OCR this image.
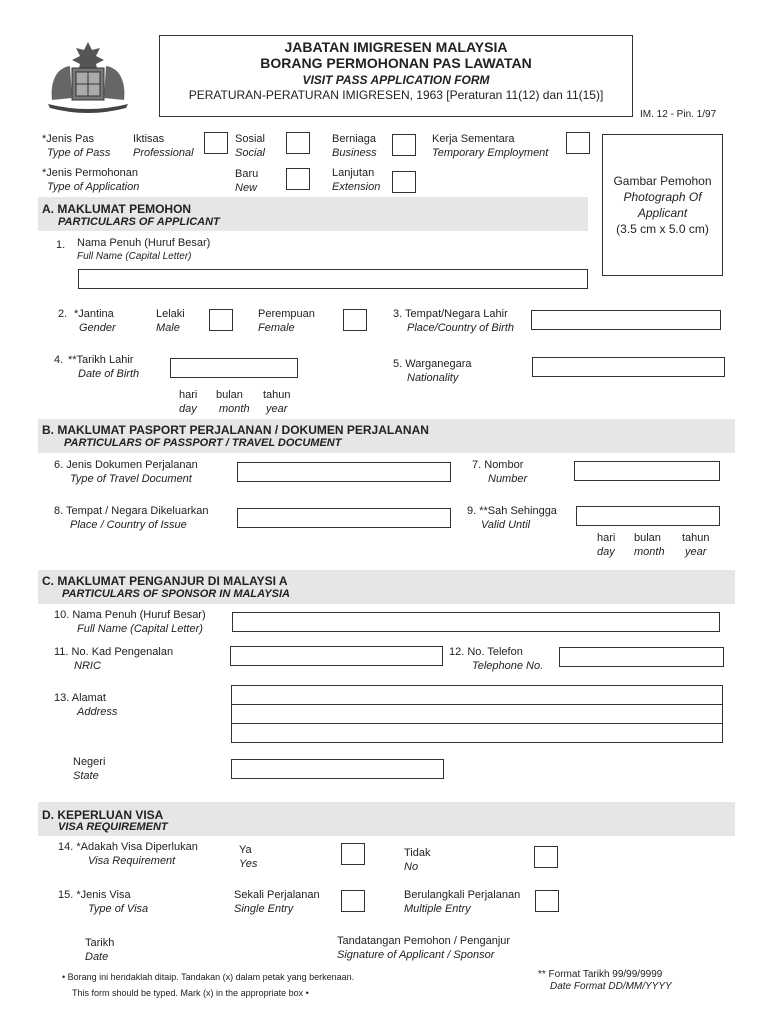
JABATAN IMIGRESEN MALAYSIA
BORANG PERMOHONAN PAS LAWATAN
VISIT PASS APPLICATION FORM
PERATURAN-PERATURAN IMIGRESEN, 1963 [Peraturan 11(12) dan 11(15)]
IM. 12 - Pin. 1/97
*Jenis Pas
Type of Pass
Iktisas
Professional
Sosial
Social
Berniaga
Business
Kerja Sementara
Temporary Employment
*Jenis Permohonan
Type of Application
Baru
New
Lanjutan
Extension	Gambar Pemohon
Photograph Of
Applicant
(3.5 cm x 5.0 cm)
A. MAKLUMAT PEMOHON
PARTICULARS OF APPLICANT
1. Nama Penuh (Huruf Besar)
Full Name (Capital Letter)
2. *Jantina
Gender
Lelaki
Male
Perempuan
Female
3. Tempat/Negara Lahir
Place/Country of Birth
4. **Tarikh Lahir
Date of Birth
hari
day
bulan
month
tahun
year
5. Warganegara
Nationality
B. MAKLUMAT PASPORT PERJALANAN / DOKUMEN PERJALANAN
PARTICULARS OF PASSPORT / TRAVEL DOCUMENT
6. Jenis Dokumen Perjalanan
Type of Travel Document
7. Nombor
Number
8. Tempat / Negara Dikeluarkan
Place / Country of Issue
9. **Sah Sehingga
Valid Until
hari
day
bulan
month
tahun
year
C. MAKLUMAT PENGANJUR DI MALAYSI A
PARTICULARS OF SPONSOR IN MALAYSIA
10. Nama Penuh (Huruf Besar)
Full Name (Capital Letter)
11. No. Kad Pengenalan
NRIC
12. No. Telefon
Telephone No.
13. Alamat
Address
Negeri
State
D. KEPERLUAN VISA
VISA REQUIREMENT
14. *Adakah Visa Diperlukan
Visa Requirement
Ya
Yes
Tidak
No
15. *Jenis Visa
Type of Visa
Sekali Perjalanan
Single Entry
Berulangkali Perjalanan
Multiple Entry
Tarikh
Date
Tandatangan Pemohon / Penganjur
Signature of Applicant / Sponsor
• Borang ini hendaklah ditaip. Tandakan (x) dalam petak yang berkenaan.
This form should be typed. Mark (x) in the appropriate box •
** Format Tarikh 99/99/9999
Date Format DD/MM/YYYY
